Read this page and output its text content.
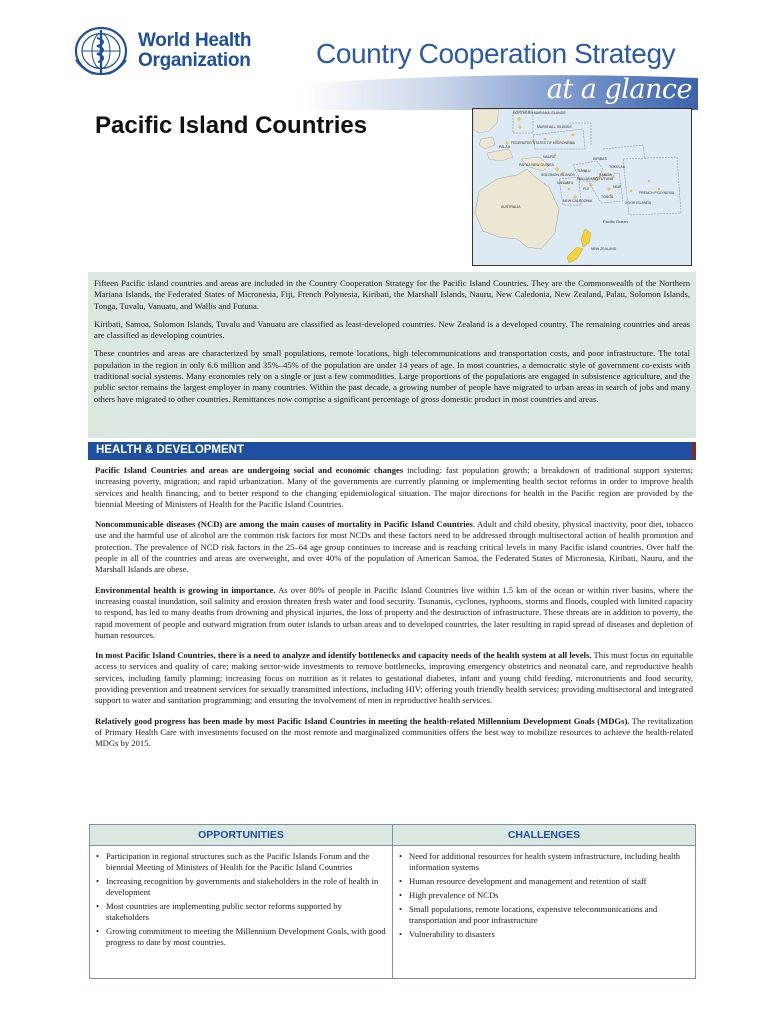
World Health
Organization Country Cooperation Strategy
at a glance
Pacific Island Countries	NORTHERN MARIANA ISLANDS
MARSHALL ISLANDS
FEDERATED STATES OF MICRONESIA
PALAU
NAURU	KIRIBATI
PAPUA NEW GUINEA
SOLOMON ISLANDS
TUVALU
SAMOA
VANUATU
FIJI
TONGA
NEW CALEDONIA
FRENCH POLYNESIA
AUSTRALIA
Pacific Ocean
NEW ZEALAND
COOK ISLANDS
NIUE
TOKELAU
WALLIS AND FUTUNA

Fifteen Pacific island countries and areas are included in the Country Cooperation Strategy for the Pacific Island Countries. They are the Commonwealth of the Northern Mariana Islands, the Federated States of Micronesia, Fiji, French Polynesia, Kiribati, the Marshall Islands, Nauru, New Caledonia, New Zealand, Palau, Solomon Islands, Tonga, Tuvalu, Vanuatu, and Wallis and Futuna.

Kiribati, Samoa, Solomon Islands, Tuvalu and Vanuatu are classified as least-developed countries. New Zealand is a developed country. The remaining countries and areas are classified as developing countries.

These countries and areas are characterized by small populations, remote locations, high telecommunications and transportation costs, and poor infrastructure. The total population in the region in only 6.6 million and 35%–45% of the population are under 14 years of age. In most countries, a democratic style of government co-exists with traditional social systems. Many economies rely on a single or just a few commodities. Large proportions of the populations are engaged in subsistence agriculture, and the public sector remains the largest employer in many countries. Within the past decade, a growing number of people have migrated to urban areas in search of jobs and many others have migrated to other countries. Remittances now comprise a significant percentage of gross domestic product in most countries and areas.

HEALTH & DEVELOPMENT

Pacific Island Countries and areas are undergoing social and economic changes including: fast population growth; a breakdown of traditional support systems; increasing poverty, migration; and rapid urbanization. Many of the governments are currently planning or implementing health sector reforms in order to improve health services and health financing, and to better respond to the changing epidemiological situation. The major directions for health in the Pacific region are provided by the biennial Meeting of Ministers of Health for the Pacific Island Countries.

Noncommunicable diseases (NCD) are among the main causes of mortality in Pacific Island Countries. Adult and child obesity, physical inactivity, poor diet, tobacco use and the harmful use of alcohol are the common risk factors for most NCDs and these factors need to be addressed through multisectoral action of health promotion and protection. The prevalence of NCD risk factors in the 25–64 age group continues to increase and is reaching critical levels in many Pacific island countries. Over half the people in all of the countries and areas are overweight, and over 40% of the population of American Samoa, the Federated States of Micronesia, Kiribati, Nauru, and the Marshall Islands are obese.

Environmental health is growing in importance. As over 80% of people in Pacific Island Countries live within 1.5 km of the ocean or within river basins, where the increasing coastal inundation, soil salinity and erosion threaten fresh water and food security. Tsunamis, cyclones, typhoons, storms and floods, coupled with limited capacity to respond, has led to many deaths from drowning and physical injuries, the loss of property and the destruction of infrastructure. These threats are in addition to poverty, the rapid movement of people and outward migration from outer islands to urban areas and to developed countries, the later resulting in rapid spread of diseases and depletion of human resources.

In most Pacific Island Countries, there is a need to analyze and identify bottlenecks and capacity needs of the health system at all levels. This must focus on equitable access to services and quality of care; making sector-wide investments to remove bottlenecks, improving emergency obstetrics and neonatal care, and reproductive health services, including family planning; increasing focus on nutrition as it relates to gestational diabetes, infant and young child feeding, micronutrients and food security, providing prevention and treatment services for sexually transmitted infections, including HIV; offering youth friendly health services; providing multisectoral and integrated support to water and sanitation programming; and ensuring the involvement of men in reproductive health services.

Relatively good progress has been made by most Pacific Island Countries in meeting the health-related Millennium Development Goals (MDGs). The revitalization of Primary Health Care with investments focused on the most remote and marginalized communities offers the best way to mobilize resources to achieve the health-related MDGs by 2015.

OPPORTUNITIES
• Participation in regional structures such as the Pacific Islands Forum and the biennial Meeting of Ministers of Health for the Pacific Island Countries
• Increasing recognition by governments and stakeholders in the role of health in development
• Most countries are implementing public sector reforms supported by stakeholders
• Growing commitment to meeting the Millennium Development Goals, with good progress to date by most countries.
CHALLENGES
• Need for additional resources for health system infrastructure, including health information systems
• Human resource development and management and retention of staff
• High prevalence of NCDs
• Small populations, remote locations, expensive telecommunications and transportation and poor infrastructure
• Vulnerability to disasters
